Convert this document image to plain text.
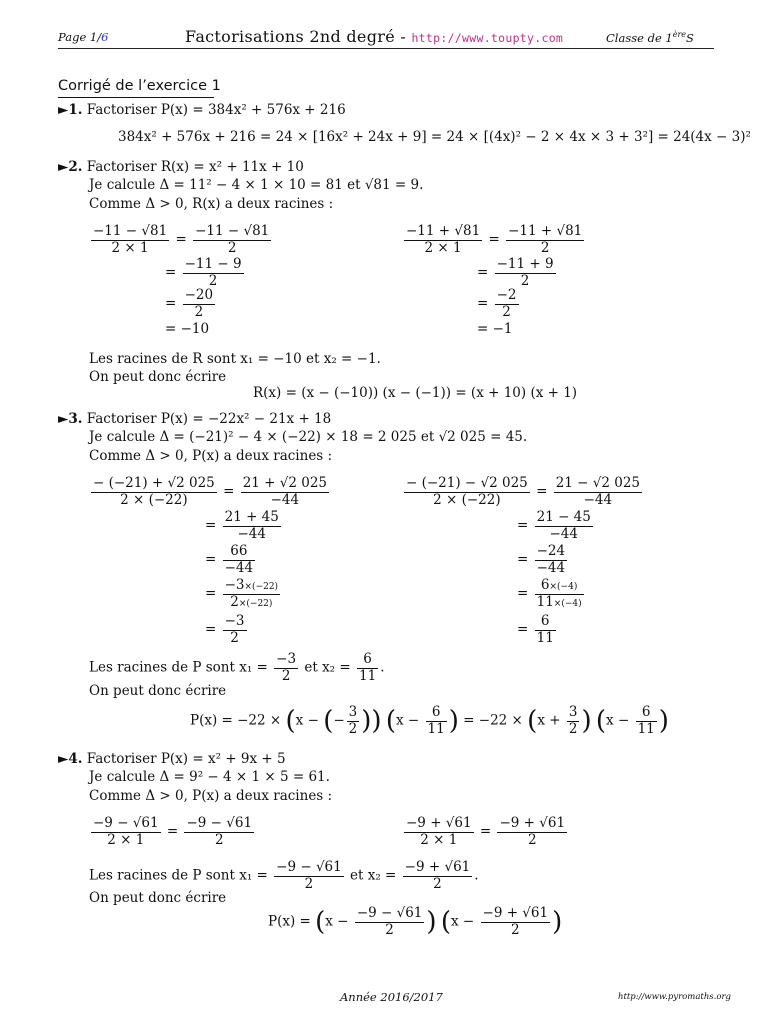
Page 1/6	Factorisations 2nd degré - http://www.toupty.com	Classe de 1èreS
Corrigé de l’exercice 1
►1. Factoriser P(x) = 384x² + 576x + 216
384x² + 576x + 216 = 24 × [16x² + 24x + 9] = 24 × [(4x)² − 2 × 4x × 3 + 3²] = 24(4x − 3)²
►2. Factoriser R(x) = x² + 11x + 10
Je calcule Δ = 11² − 4 × 1 × 10 = 81 et √81 = 9.
Comme Δ > 0, R(x) a deux racines :
$\frac{-11 - √81}{2 \times 1} = \frac{-11 - √81}{2}$
= $\frac{-11 - 9}{2}$
= $\frac{-20}{2}$
= −10
$\frac{-11 + √81}{2 \times 1} = \frac{-11 + √81}{2}$
= $\frac{-11 + 9}{2}$
= $\frac{-2}{2}$
= −1
Les racines de R sont x₁ = −10 et x₂ = −1.
On peut donc écrire
R(x) = (x − (−10)) (x − (−1)) = (x + 10) (x + 1)
►3. Factoriser P(x) = −22x² − 21x + 18
Je calcule Δ = (−21)² − 4 × (−22) × 18 = 2 025 et √2 025 = 45.
Comme Δ > 0, P(x) a deux racines :
$\frac{- (-21) + √2 025}{2 \times (-22)} = \frac{21 + √2 025}{-44}$
= $\frac{21 + 45}{-44}$
= $\frac{66}{-44}$
= $\frac{-3\times(-22)}{2\times(-22)}$
= $\frac{-3}{2}$
$\frac{- (-21) - √2 025}{2 \times (-22)} = \frac{21 - √2 025}{-44}$
= $\frac{21 - 45}{-44}$
= $\frac{-24}{-44}$
= $\frac{6\times(-4)}{11\times(-4)}$
= $\frac{6}{11}$
Les racines de P sont $x_1 = \frac{-3}{2}$ et $x_2 = \frac{6}{11}$ .
On peut donc écrire
P(x) = −22 × (x − (− $\frac{3}{2}$ )) ($x - \frac{6}{11}$ ) = $-22 \times (x + \frac{3}{2}$ ) ($x - \frac{6}{11}$ )
►4. Factoriser P(x) = x² + 9x + 5
Je calcule Δ = 9² − 4 × 1 × 5 = 61.
Comme Δ > 0, P(x) a deux racines :
$\frac{-9 - √61}{2 \times 1} = \frac{-9 - √61}{2}$	$\frac{-9 + √61}{2 \times 1} = \frac{-9 + √61}{2}$
Les racines de P sont $x_1 = \frac{-9 - √61}{2}$ et $x_2 = \frac{-9 + √61}{2}$ .
On peut donc écrire
$P(x) = (x - \frac{-9 - √61}{2}$ ) ($x - \frac{-9 + √61}{2}$ )
Année 2016/2017	http://www.pyromaths.org
